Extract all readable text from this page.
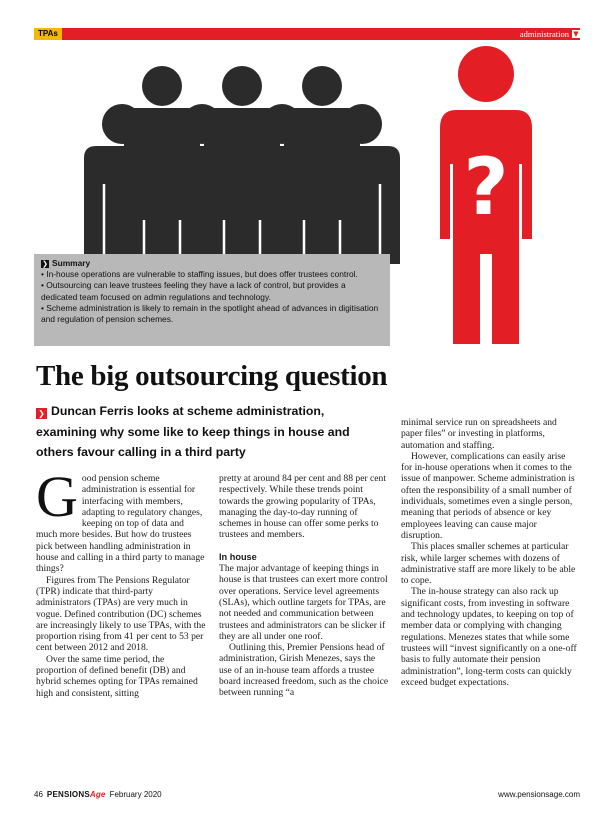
TPAs	administration ▼
?
❯ Summary
• In-house operations are vulnerable to staffing issues, but does offer trustees control.
• Outsourcing can leave trustees feeling they have a lack of control, but provides a dedicated team focused on admin regulations and technology.
• Scheme administration is likely to remain in the spotlight ahead of advances in digitisation and regulation of pension schemes.
The big outsourcing question
❯ Duncan Ferris looks at scheme administration, examining why some like to keep things in house and others favour calling in a third party
G ood pension scheme administration is essential for interfacing with members, adapting to regulatory changes, keeping on top of data and much more besides. But how do trustees pick between handling administration in house and calling in a third party to manage things?

Figures from The Pensions Regulator (TPR) indicate that third-party administrators (TPAs) are very much in vogue. Defined contribution (DC) schemes are increasingly likely to use TPAs, with the proportion rising from 41 per cent to 53 per cent between 2012 and 2018.

Over the same time period, the proportion of defined benefit (DB) and hybrid schemes opting for TPAs remained high and consistent, sitting

pretty at around 84 per cent and 88 per cent respectively. While these trends point towards the growing popularity of TPAs, managing the day-to-day running of schemes in house can offer some perks to trustees and members.

In house

The major advantage of keeping things in house is that trustees can exert more control over operations. Service level agreements (SLAs), which outline targets for TPAs, are not needed and communication between trustees and administrators can be slicker if they are all under one roof.

Outlining this, Premier Pensions head of administration, Girish Menezes, says the use of an in-house team affords a trustee board increased freedom, such as the choice between running “a

minimal service run on spreadsheets and paper files” or investing in platforms, automation and staffing.

However, complications can easily arise for in-house operations when it comes to the issue of manpower. Scheme administration is often the responsibility of a small number of individuals, sometimes even a single person, meaning that periods of absence or key employees leaving can cause major disruption.

This places smaller schemes at particular risk, while larger schemes with dozens of administrative staff are more likely to be able to cope.

The in-house strategy can also rack up significant costs, from investing in software and technology updates, to keeping on top of member data or complying with changing regulations. Menezes states that while some trustees will “invest significantly on a one-off basis to fully automate their pension administration”, long-term costs can quickly exceed budget expectations.

46 PENSIONSAge February 2020	www.pensionsage.com
